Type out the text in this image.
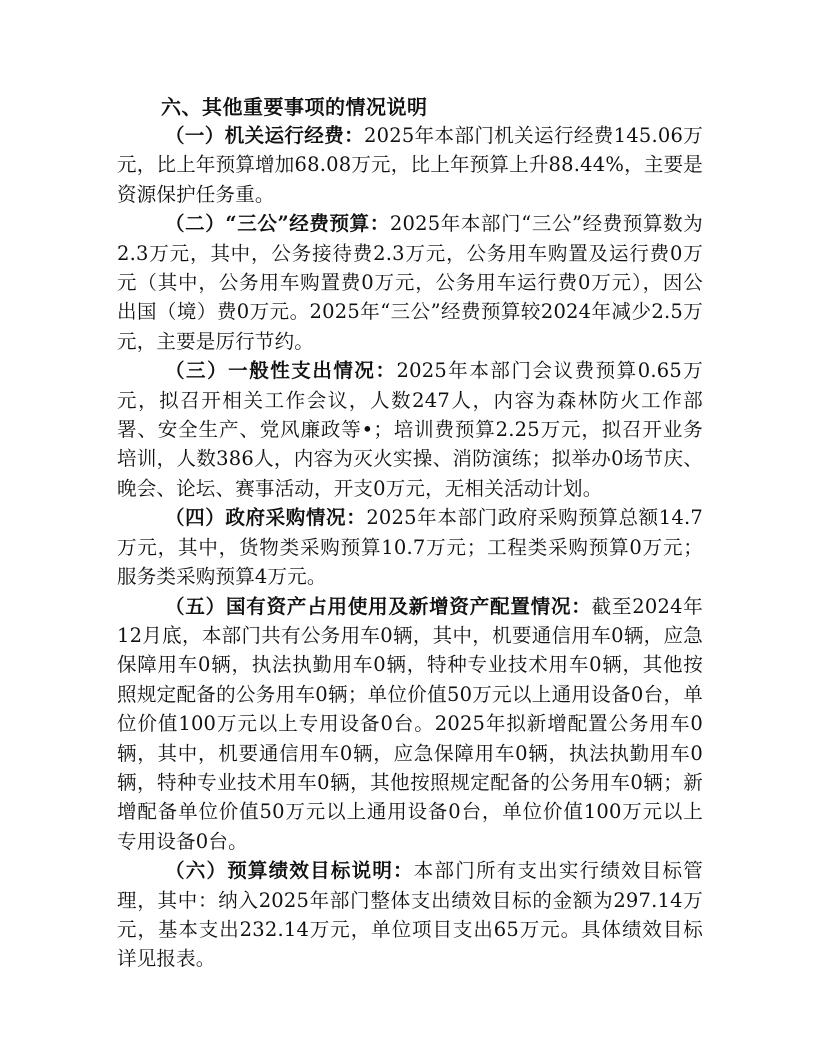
六、其他重要事项的情况说明

（一）机关运行经费：2025年本部门机关运行经费145.06万元，比上年预算增加68.08万元，比上年预算上升88.44%，主要是资源保护任务重。

（二）“三公”经费预算：2025年本部门“三公”经费预算数为2.3万元，其中，公务接待费2.3万元，公务用车购置及运行费0万元（其中，公务用车购置费0万元，公务用车运行费0万元），因公出国（境）费0万元。2025年“三公”经费预算较2024年减少2.5万元，主要是厉行节约。

（三）一般性支出情况：2025年本部门会议费预算0.65万元，拟召开相关工作会议，人数247人，内容为森林防火工作部署、安全生产、党风廉政等•；培训费预算2.25万元，拟召开业务培训，人数386人，内容为灭火实操、消防演练；拟举办0场节庆、晚会、论坛、赛事活动，开支0万元，无相关活动计划。

（四）政府采购情况：2025年本部门政府采购预算总额14.7万元，其中，货物类采购预算10.7万元；工程类采购预算0万元；服务类采购预算4万元。

（五）国有资产占用使用及新增资产配置情况：截至2024年12月底，本部门共有公务用车0辆，其中，机要通信用车0辆，应急保障用车0辆，执法执勤用车0辆，特种专业技术用车0辆，其他按照规定配备的公务用车0辆；单位价值50万元以上通用设备0台，单位价值100万元以上专用设备0台。2025年拟新增配置公务用车0辆，其中，机要通信用车0辆，应急保障用车0辆，执法执勤用车0辆，特种专业技术用车0辆，其他按照规定配备的公务用车0辆；新增配备单位价值50万元以上通用设备0台，单位价值100万元以上专用设备0台。

（六）预算绩效目标说明：本部门所有支出实行绩效目标管理，其中：纳入2025年部门整体支出绩效目标的金额为297.14万元，基本支出232.14万元，单位项目支出65万元。具体绩效目标详见报表。
